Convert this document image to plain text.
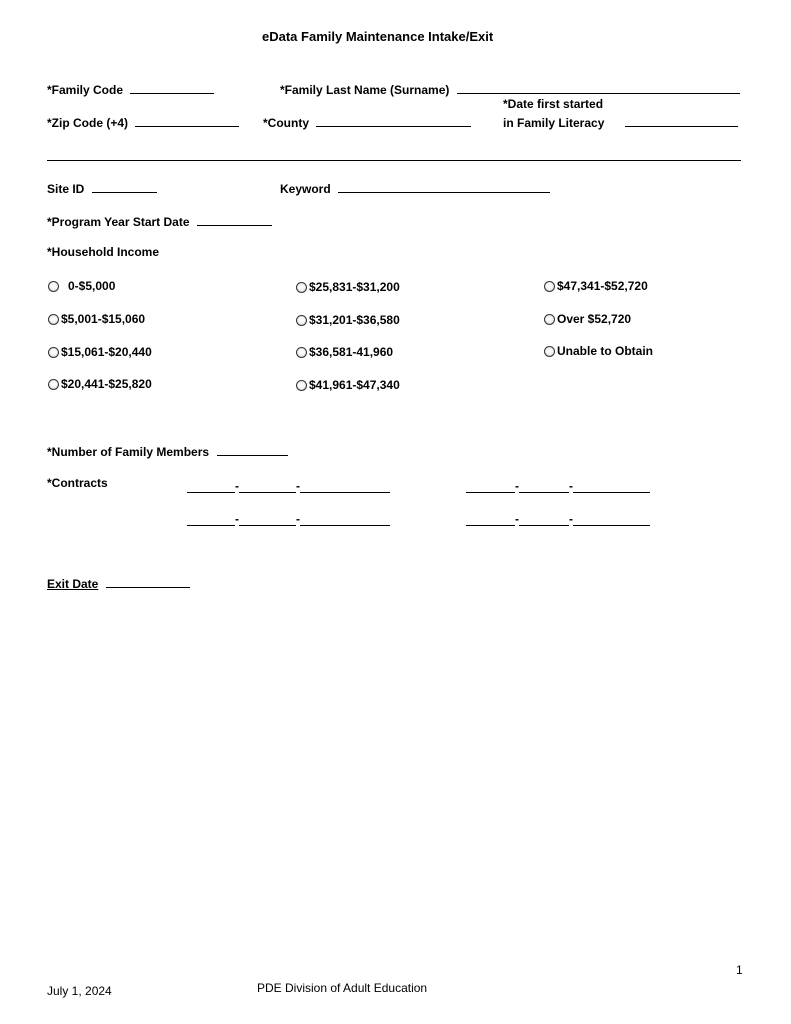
eData Family Maintenance Intake/Exit
*Family Code	*Family Last Name (Surname)
*Date first started
*Zip Code (+4)	*County	in Family Literacy
Site ID	Keyword
*Program Year Start Date
*Household Income
0-$5,000
$5,001-$15,060
$15,061-$20,440
$20,441-$25,820
$25,831-$31,200
$31,201-$36,580
$36,581-41,960
$41,961-$47,340
$47,341-$52,720
Over $52,720
Unable to Obtain
*Number of Family Members
*Contracts	-	-	-	-
-	-	-	-
Exit Date
1
July 1, 2024	PDE Division of Adult Education
